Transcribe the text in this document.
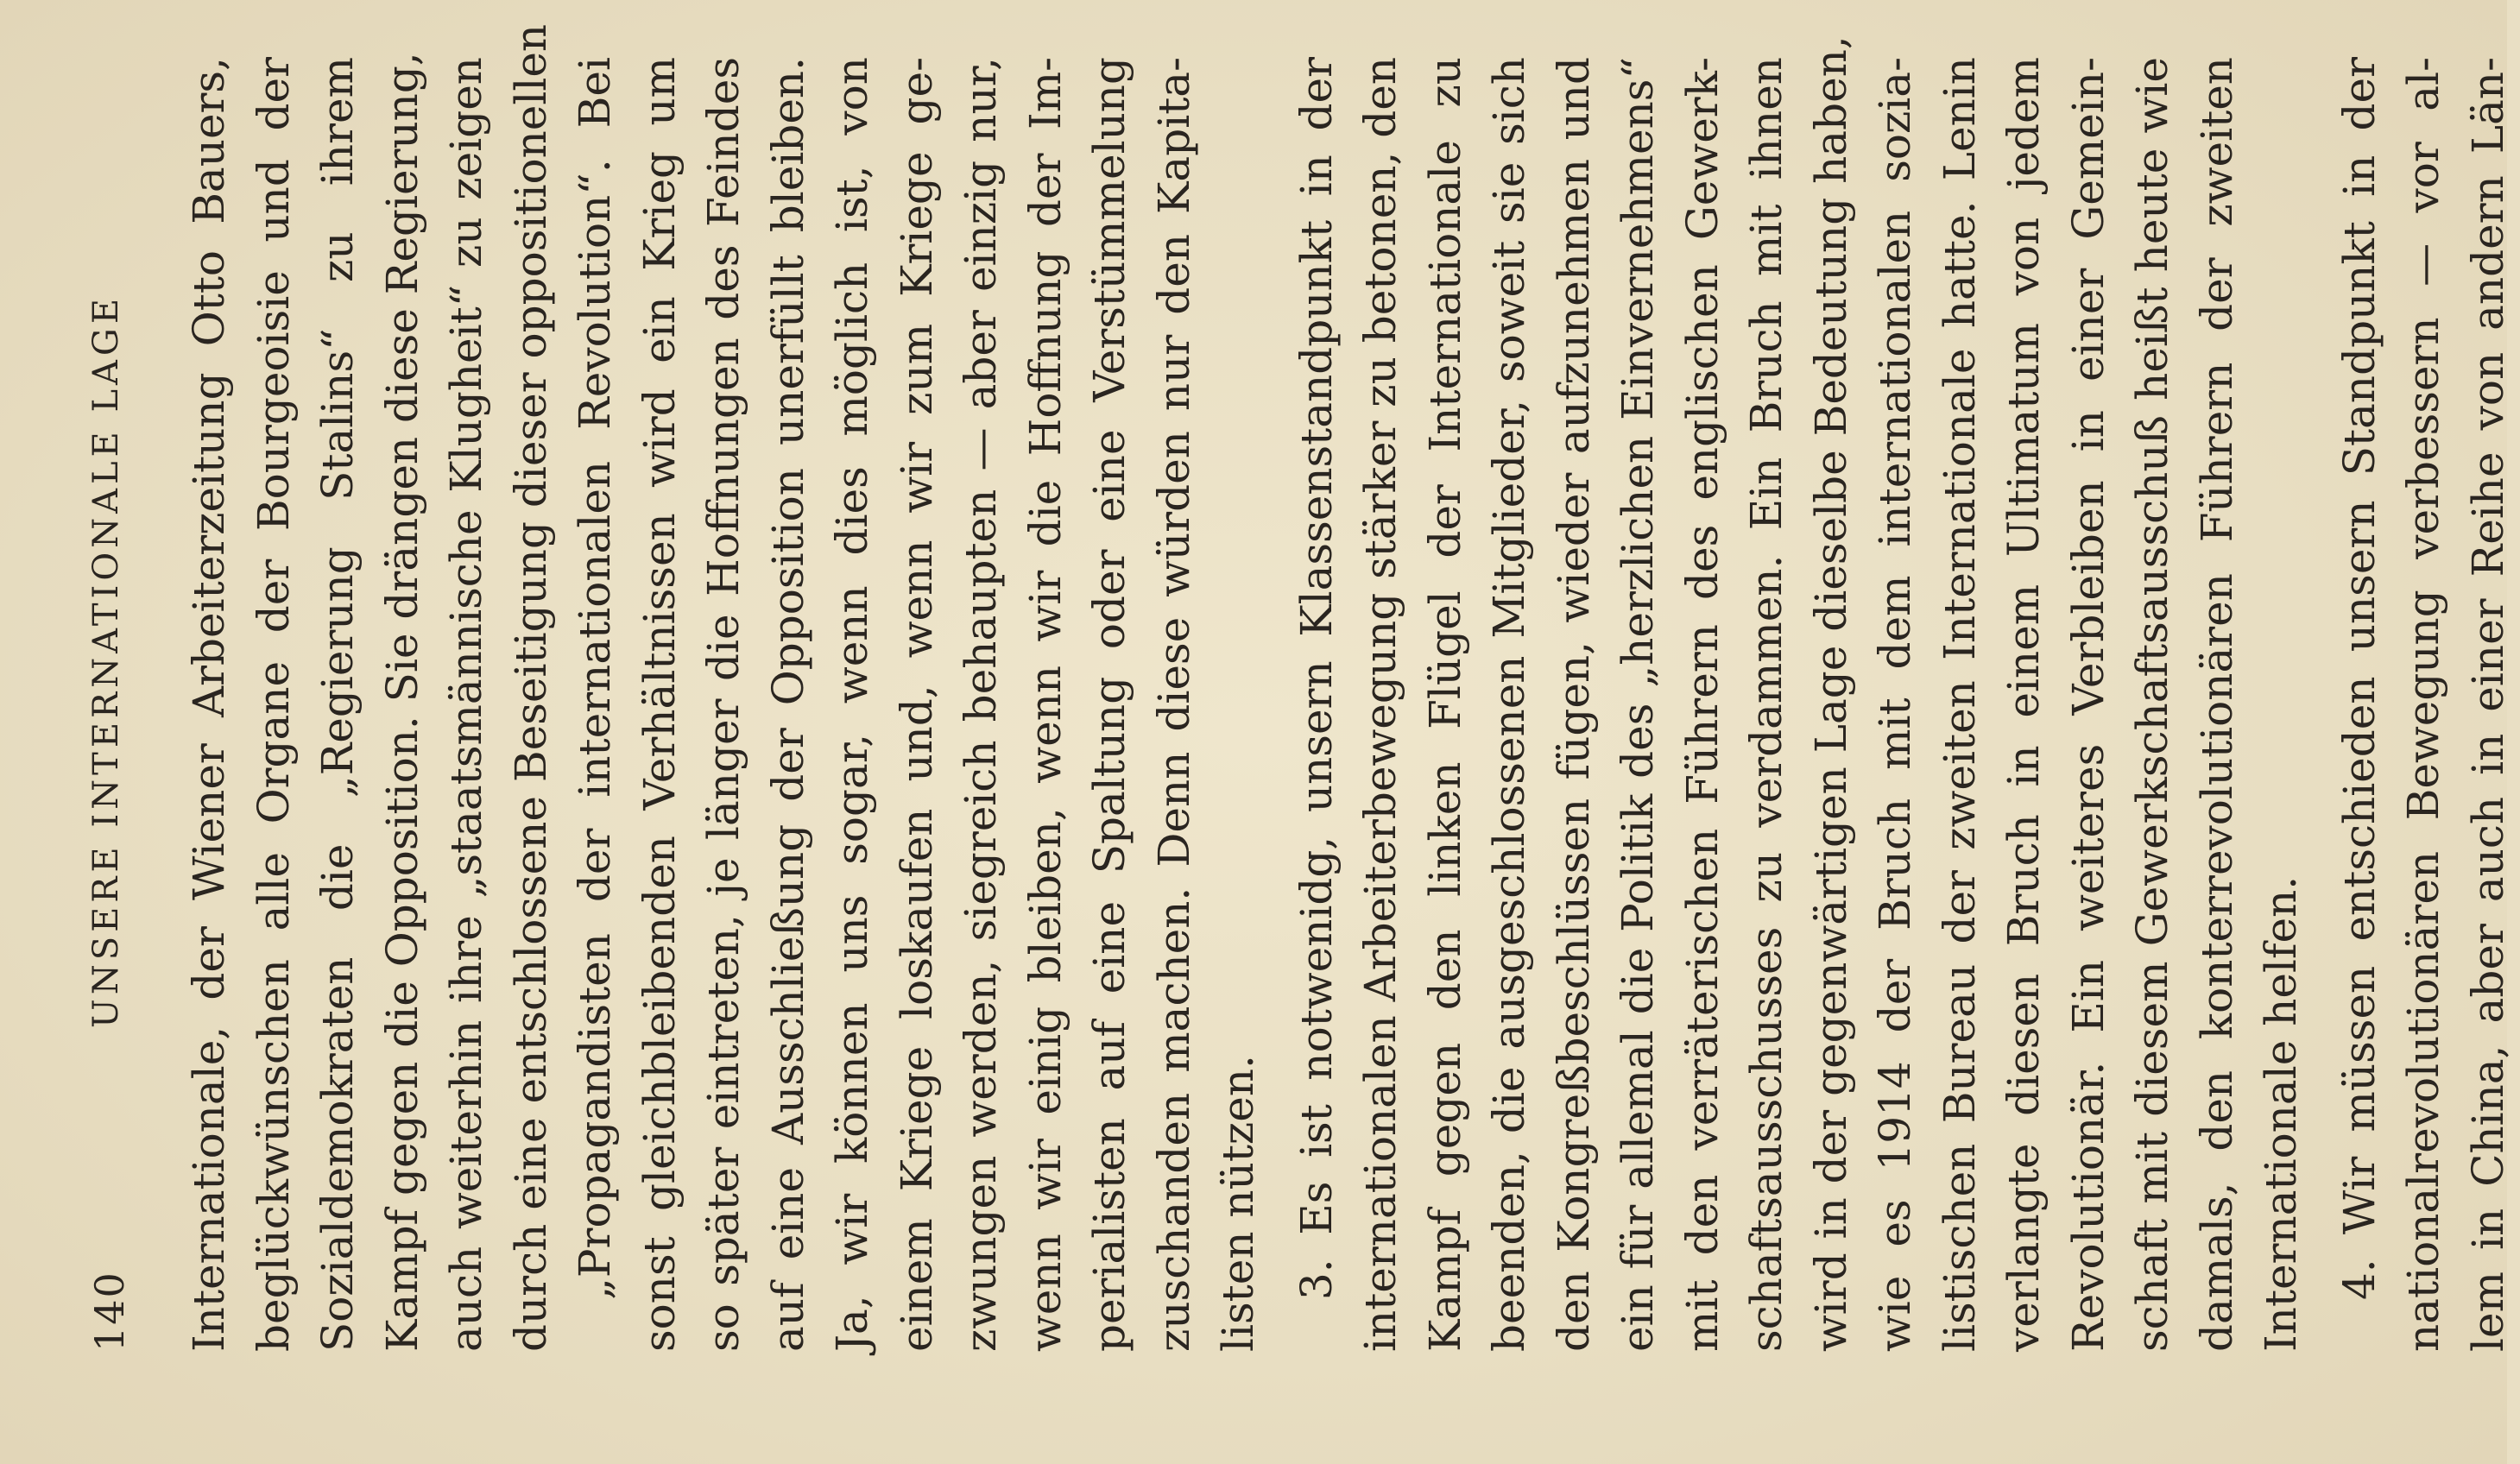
140
UNSERE INTERNATIONALE LAGE Internationale, der Wiener Arbeiterzeitung Otto Bauers, beglückwünschen alle Organe der Bourgeoisie und der Sozialdemokraten die „Regierung Stalins“ zu ihrem Kampf gegen die Opposition. Sie drängen diese Regierung, auch weiterhin ihre „staatsmännische Klugheit“ zu zeigen durch eine entschlossene Beseitigung dieser oppositionellen „Propagandisten der internationalen Revolution“. Bei sonst gleichbleibenden Verhältnissen wird ein Krieg um so später eintreten, je länger die Hoffnungen des Feindes auf eine Ausschließung der Opposition unerfüllt bleiben. Ja, wir können uns sogar, wenn dies möglich ist, von einem Kriege loskaufen und, wenn wir zum Kriege ge- zwungen werden, siegreich behaupten — aber einzig nur, wenn wir einig bleiben, wenn wir die Hoffnung der Im- perialisten auf eine Spaltung oder eine Verstümmelung zuschanden machen. Denn diese würden nur den Kapita- listen nützen. 3. Es ist notwenidg, unsern Klassenstandpunkt in der internationalen Arbeiterbewegung stärker zu betonen, den Kampf gegen den linken Flügel der Internationale zu beenden, die ausgeschlossenen Mitglieder, soweit sie sich den Kongreßbeschlüssen fügen, wieder aufzunehmen und ein für allemal die Politik des „herzlichen Einvernehmens“ mit den verräterischen Führern des englischen Gewerk- schaftsausschusses zu verdammen. Ein Bruch mit ihnen wird in der gegenwärtigen Lage dieselbe Bedeutung haben, wie es 1914 der Bruch mit dem internationalen sozia- listischen Bureau der zweiten Internationale hatte. Lenin verlangte diesen Bruch in einem Ultimatum von jedem Revolutionär. Ein weiteres Verbleiben in einer Gemein- schaft mit diesem Gewerkschaftsausschuß heißt heute wie damals, den konterrevolutionären Führern der zweiten Internationale helfen. 4. Wir müssen entschieden unsern Standpunkt in der nationalrevolutionären Bewegung verbessern — vor al- lem in China, aber auch in einer Reihe von andern Län-
